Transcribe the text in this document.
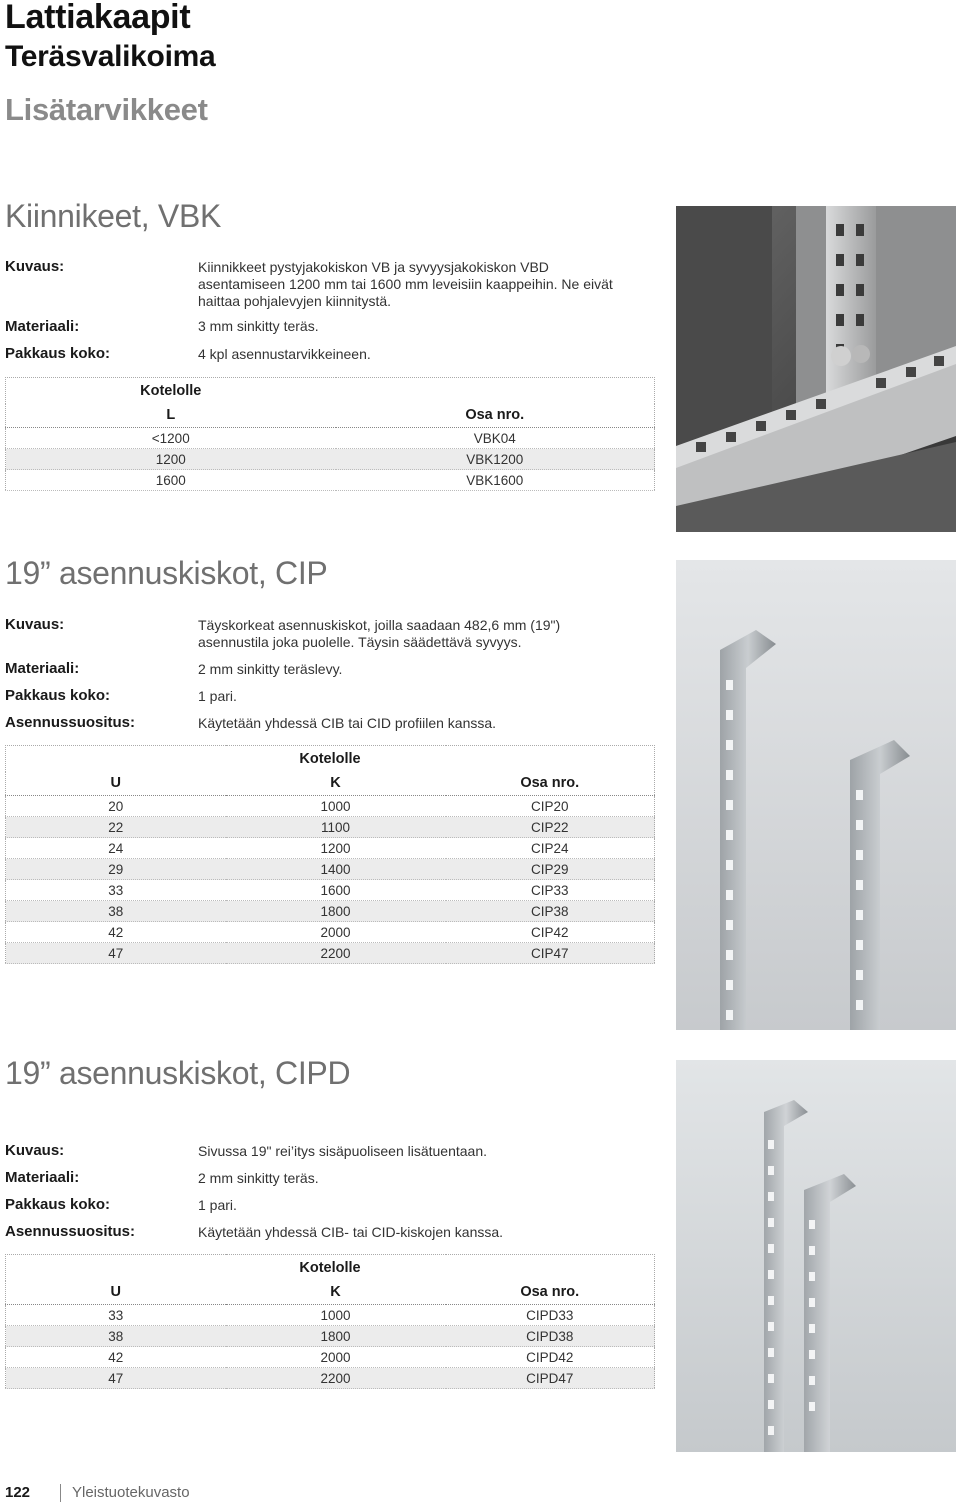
Lattiakaapit
Teräsvalikoima
Lisätarvikkeet
Kiinnikeet, VBK
Kuvaus:	Kiinnikkeet pystyjakokiskon VB ja syvyysjakokiskon VBD asentamiseen 1200 mm tai 1600 mm leveisiin kaappeihin. Ne eivät haittaa pohjalevyjen kiinnitystä.
Materiaali:	3 mm sinkitty teräs.
Pakkaus koko:	4 kpl asennustarvikkeineen.
Kotelolle	
L	Osa nro.
<1200	VBK04
1200	VBK1200
1600	VBK1600
19” asennuskiskot, CIP
Kuvaus:	Täyskorkeat asennuskiskot, joilla saadaan 482,6 mm (19") asennustila joka puolelle. Täysin säädettävä syvyys.
Materiaali:	2 mm sinkitty teräslevy.
Pakkaus koko:	1 pari.
Asennussuositus:	Käytetään yhdessä CIB tai CID profiilen kanssa.
Kotelolle		
U	K	Osa nro.
20	1000	CIP20
22	1100	CIP22
24	1200	CIP24
29	1400	CIP29
33	1600	CIP33
38	1800	CIP38
42	2000	CIP42
47	2200	CIP47
19” asennuskiskot, CIPD
Kuvaus:	Sivussa 19" rei’itys sisäpuoliseen lisätuentaan.
Materiaali:	2 mm sinkitty teräs.
Pakkaus koko:	1 pari.
Asennussuositus:	Käytetään yhdessä CIB- tai CID-kiskojen kanssa.
Kotelolle		
U	K	Osa nro.
33	1000	CIPD33
38	1800	CIPD38
42	2000	CIPD42
47	2200	CIPD47
122	Yleistuotekuvasto
